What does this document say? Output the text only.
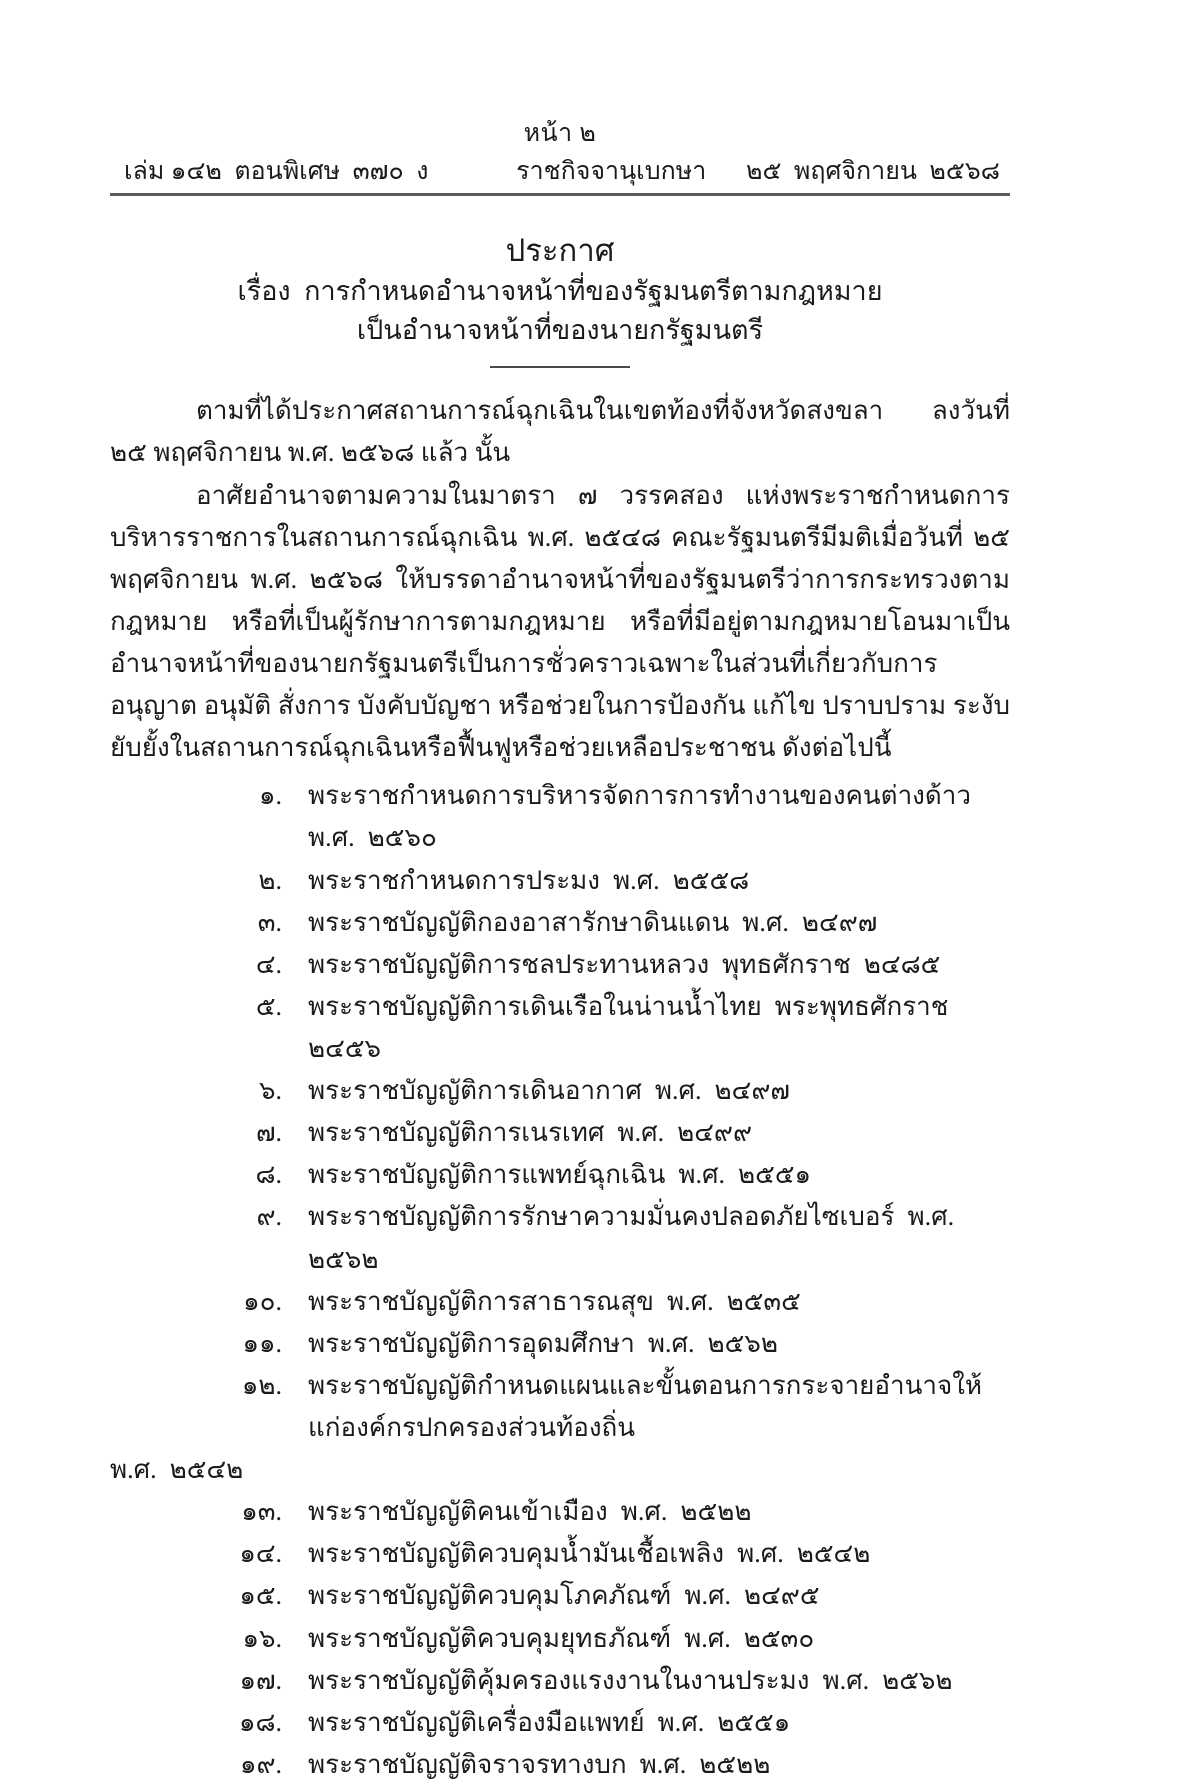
หน้า ๒
เล่ม ๑๔๒  ตอนพิเศษ  ๓๗๐  ง	ราชกิจจานุเบกษา ๒๕  พฤศจิกายน  ๒๕๖๘
ประกาศ
เรื่อง  การกำหนดอำนาจหน้าที่ของรัฐมนตรีตามกฎหมาย
เป็นอำนาจหน้าที่ของนายกรัฐมนตรี

ตามที่ได้ประกาศสถานการณ์ฉุกเฉินในเขตท้องที่จังหวัดสงขลา ลงวันที่ ๒๕ พฤศจิกายน พ.ศ. ๒๕๖๘ แล้ว นั้น

อาศัยอำนาจตามความในมาตรา ๗ วรรคสอง แห่งพระราชกำหนดการบริหารราชการในสถานการณ์ฉุกเฉิน พ.ศ. ๒๕๔๘ คณะรัฐมนตรีมีมติเมื่อวันที่ ๒๕ พฤศจิกายน พ.ศ. ๒๕๖๘ ให้บรรดาอำนาจหน้าที่ของรัฐมนตรีว่าการกระทรวงตามกฎหมาย หรือที่เป็นผู้รักษาการตามกฎหมาย หรือที่มีอยู่ตามกฎหมายโอนมาเป็นอำนาจหน้าที่ของนายกรัฐมนตรีเป็นการชั่วคราวเฉพาะในส่วนที่เกี่ยวกับการอนุญาต อนุมัติ สั่งการ บังคับบัญชา หรือช่วยในการป้องกัน แก้ไข ปราบปราม ระงับยับยั้งในสถานการณ์ฉุกเฉินหรือฟื้นฟูหรือช่วยเหลือประชาชน ดังต่อไปนี้

๑.	พระราชกำหนดการบริหารจัดการการทำงานของคนต่างด้าว  พ.ศ.  ๒๕๖๐
๒.	พระราชกำหนดการประมง  พ.ศ.  ๒๕๕๘
๓.	พระราชบัญญัติกองอาสารักษาดินแดน  พ.ศ.  ๒๔๙๗
๔.	พระราชบัญญัติการชลประทานหลวง  พุทธศักราช  ๒๔๘๕
๕.	พระราชบัญญัติการเดินเรือในน่านน้ำไทย  พระพุทธศักราช  ๒๔๕๖
๖.	พระราชบัญญัติการเดินอากาศ  พ.ศ.  ๒๔๙๗
๗.	พระราชบัญญัติการเนรเทศ  พ.ศ.  ๒๔๙๙
๘.	พระราชบัญญัติการแพทย์ฉุกเฉิน  พ.ศ.  ๒๕๕๑
๙.	พระราชบัญญัติการรักษาความมั่นคงปลอดภัยไซเบอร์  พ.ศ.  ๒๕๖๒
๑๐.	พระราชบัญญัติการสาธารณสุข  พ.ศ.  ๒๕๓๕
๑๑.	พระราชบัญญัติการอุดมศึกษา  พ.ศ.  ๒๕๖๒
๑๒.	พระราชบัญญัติกำหนดแผนและขั้นตอนการกระจายอำนาจให้แก่องค์กรปกครองส่วนท้องถิ่น
พ.ศ.  ๒๕๔๒
๑๓.	พระราชบัญญัติคนเข้าเมือง  พ.ศ.  ๒๕๒๒
๑๔.	พระราชบัญญัติควบคุมน้ำมันเชื้อเพลิง  พ.ศ.  ๒๕๔๒
๑๕.	พระราชบัญญัติควบคุมโภคภัณฑ์  พ.ศ.  ๒๔๙๕
๑๖.	พระราชบัญญัติควบคุมยุทธภัณฑ์  พ.ศ.  ๒๕๓๐
๑๗.	พระราชบัญญัติคุ้มครองแรงงานในงานประมง  พ.ศ.  ๒๕๖๒
๑๘.	พระราชบัญญัติเครื่องมือแพทย์  พ.ศ.  ๒๕๕๑
๑๙.	พระราชบัญญัติจราจรทางบก  พ.ศ.  ๒๕๒๒
